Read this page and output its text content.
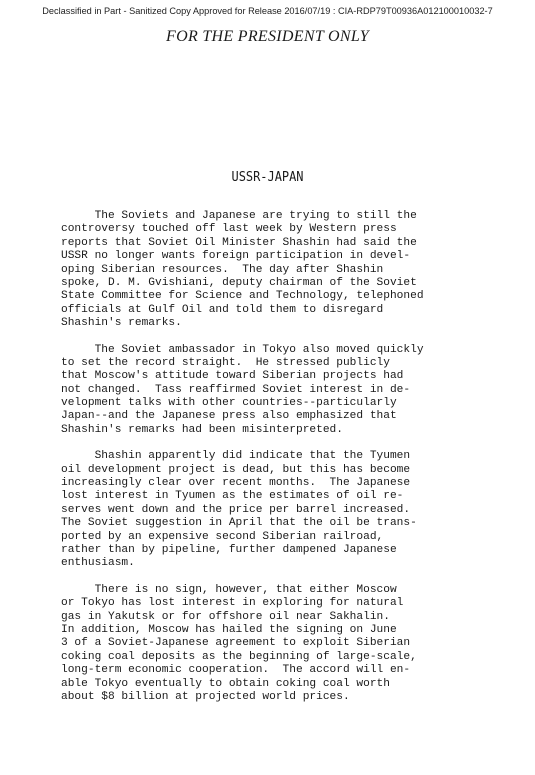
Declassified in Part - Sanitized Copy Approved for Release 2016/07/19 : CIA-RDP79T00936A012100010032-7
FOR THE PRESIDENT ONLY
USSR-JAPAN
The Soviets and Japanese are trying to still the
controversy touched off last week by Western press
reports that Soviet Oil Minister Shashin had said the
USSR no longer wants foreign participation in devel-
oping Siberian resources.  The day after Shashin
spoke, D. M. Gvishiani, deputy chairman of the Soviet
State Committee for Science and Technology, telephoned
officials at Gulf Oil and told them to disregard
Shashin's remarks.
The Soviet ambassador in Tokyo also moved quickly
to set the record straight.  He stressed publicly
that Moscow's attitude toward Siberian projects had
not changed.  Tass reaffirmed Soviet interest in de-
velopment talks with other countries--particularly
Japan--and the Japanese press also emphasized that
Shashin's remarks had been misinterpreted.
Shashin apparently did indicate that the Tyumen
oil development project is dead, but this has become
increasingly clear over recent months.  The Japanese
lost interest in Tyumen as the estimates of oil re-
serves went down and the price per barrel increased.
The Soviet suggestion in April that the oil be trans-
ported by an expensive second Siberian railroad,
rather than by pipeline, further dampened Japanese
enthusiasm.
There is no sign, however, that either Moscow
or Tokyo has lost interest in exploring for natural
gas in Yakutsk or for offshore oil near Sakhalin.
In addition, Moscow has hailed the signing on June
3 of a Soviet-Japanese agreement to exploit Siberian
coking coal deposits as the beginning of large-scale,
long-term economic cooperation.  The accord will en-
able Tokyo eventually to obtain coking coal worth
about $8 billion at projected world prices.
